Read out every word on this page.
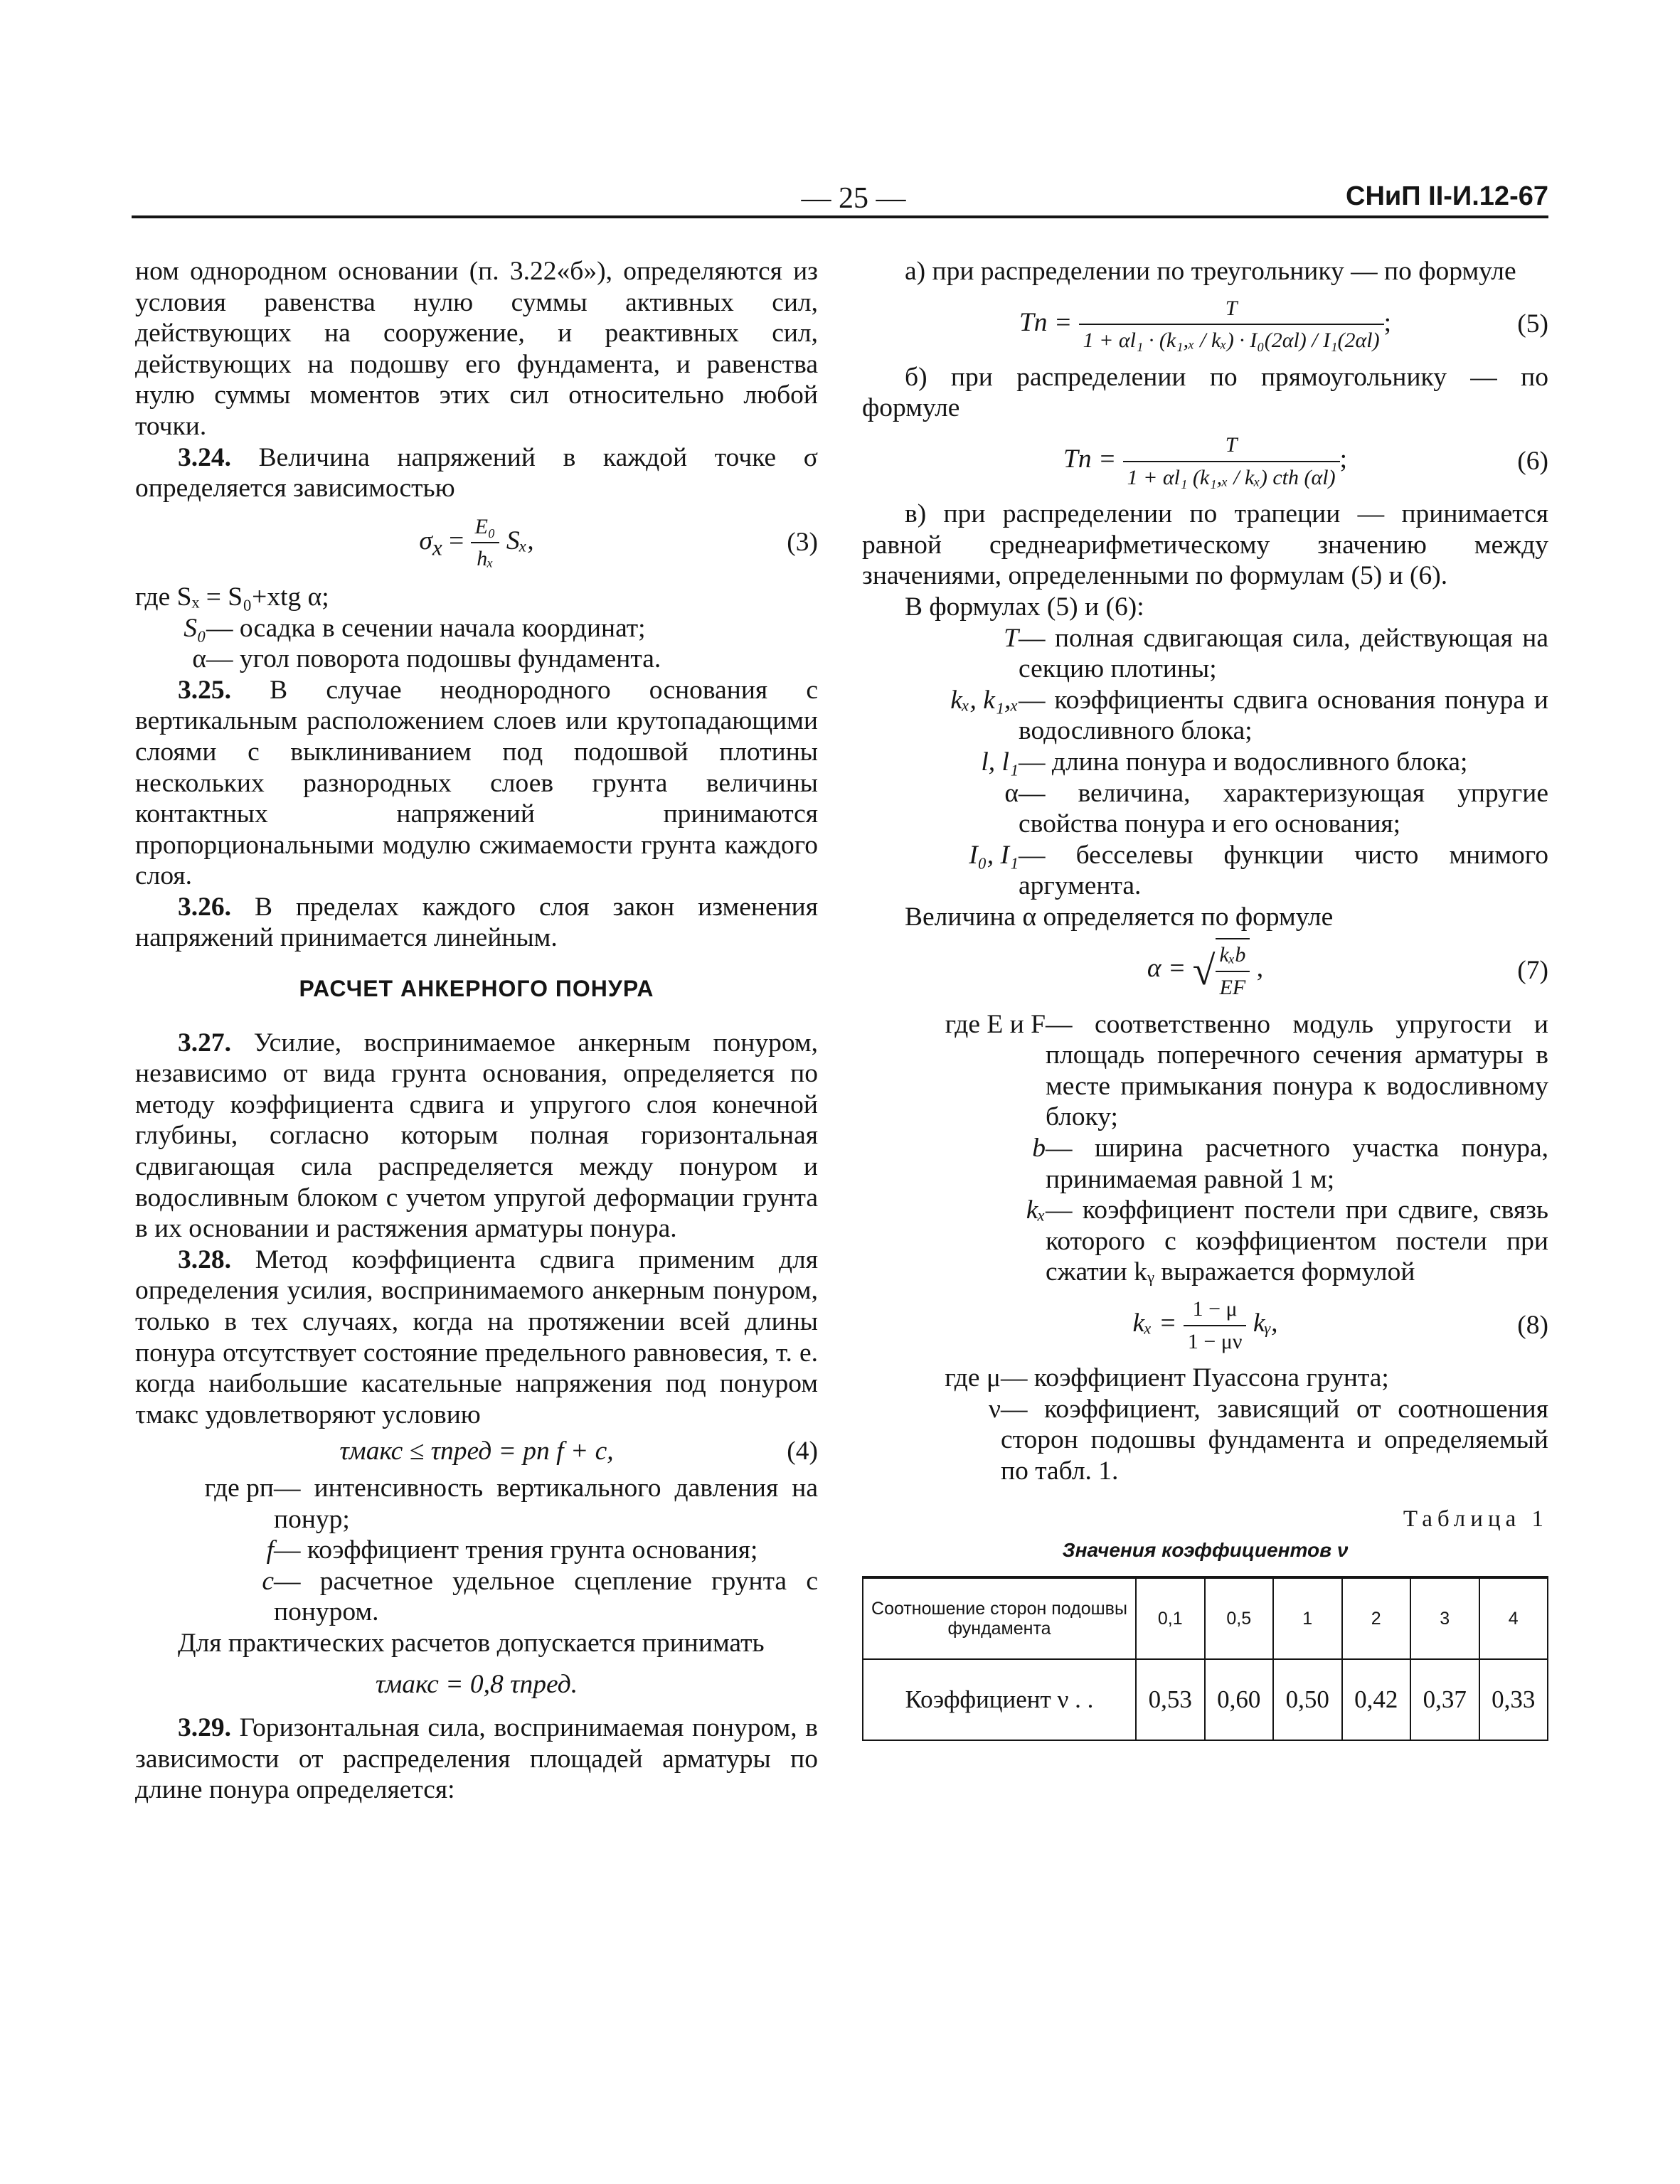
— 25 —	СНиП II-И.12-67

ном однородном основании (п. 3.22«б»), определяются из условия равенства нулю суммы активных сил, действующих на сооружение, и реактивных сил, действующих на подошву его фундамента, и равенства нулю суммы моментов этих сил относительно любой точки.

3.24. Величина напряжений в каждой точке σ определяется зависимостью

$\sigma_x = \frac{\text{E₀}}{\text{hₓ}} S_x$,	(3)

где Sₓ = S₀+xtg α;

S₀ — осадка в сечении начала координат;
α — угол поворота подошвы фундамента.

3.25. В случае неоднородного основания с вертикальным расположением слоев или крутопадающими слоями с выклиниванием под подошвой плотины нескольких разнородных слоев грунта величины контактных напряжений принимаются пропорциональными модулю сжимаемости грунта каждого слоя.

3.26. В пределах каждого слоя закон изменения напряжений принимается линейным.

РАСЧЕТ АНКЕРНОГО ПОНУРА

3.27. Усилие, воспринимаемое анкерным понуром, независимо от вида грунта основания, определяется по методу коэффициента сдвига и упругого слоя конечной глубины, согласно которым полная горизонтальная сдвигающая сила распределяется между понуром и водосливным блоком с учетом упругой деформации грунта в их основании и растяжения арматуры понура.

3.28. Метод коэффициента сдвига применим для определения усилия, воспринимаемого анкерным понуром, только в тех случаях, когда на протяжении всей длины понура отсутствует состояние предельного равновесия, т. е. когда наибольшие касательные напряжения под понуром τмакс удовлетворяют условию

τмакс ≤ τпред = pп f + c,	(4)
где pп — интенсивность вертикального давления на понур;
f — коэффициент трения грунта основания;
c — расчетное удельное сцепление грунта с понуром.

Для практических расчетов допускается принимать

τмакс = 0,8 τпред.

3.29. Горизонтальная сила, воспринимаемая понуром, в зависимости от распределения площадей арматуры по длине понура определяется:

а) при распределении по треугольнику — по формуле

Tп = $\frac{T}{\text{1 + αl₁ · (k₁,ₓ / kₓ) · I₀(2αl) / I₁(2αl)}}$ ;	(5)

б) при распределении по прямоугольнику — по формуле

Tп = $\frac{T}{\text{1 + αl₁ (k₁,ₓ / kₓ) cth (αl)}}$ ;	(6)

в) при распределении по трапеции — принимается равной среднеарифметическому значению между значениями, определенными по формулам (5) и (6).

В формулах (5) и (6):

T — полная сдвигающая сила, действующая на секцию плотины;
kₓ, k₁,ₓ — коэффициенты сдвига основания понура и водосливного блока;
l, l₁ — длина понура и водосливного блока;
α — величина, характеризующая упругие свойства понура и его основания;
I₀, I₁ — бесселевы функции чисто мнимого аргумента.

Величина α определяется по формуле

α = √ $\frac{\text{kₓb}}{EF}$ ,	(7)
где E и F — соответственно модуль упругости и площадь поперечного сечения арматуры в месте примыкания понура к водосливному блоку;
b — ширина расчетного участка понура, принимаемая равной 1 м;
kₓ — коэффициент постели при сдвиге, связь которого с коэффициентом постели при сжатии kᵧ выражается формулой
$k_x = \frac{1 - \mu}{1 - \mu\nu}$ kᵧ,	(8)
где μ — коэффициент Пуассона грунта;
ν — коэффициент, зависящий от соотношения сторон подошвы фундамента и определяемый по табл. 1.
Таблица 1
Значения коэффициентов ν
Соотношение сторон подошвы фундамента	0,1	0,5	1	2	3	4
Коэффициент ν . .	0,53	0,60	0,50	0,42	0,37	0,33
